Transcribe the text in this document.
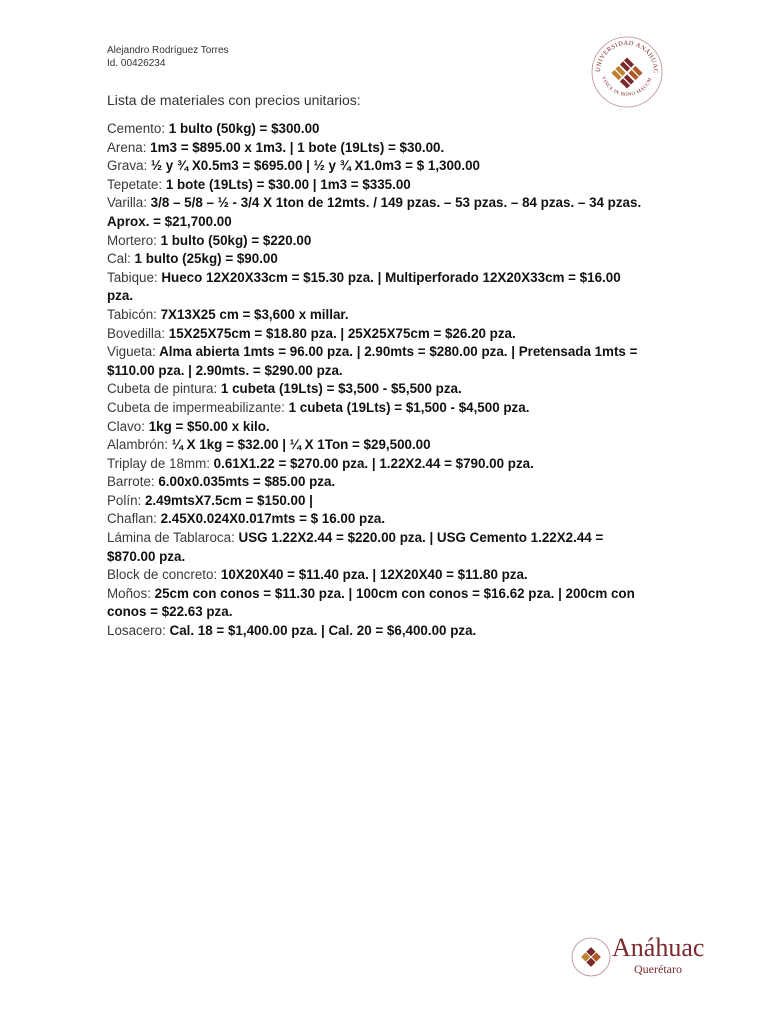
Alejandro Rodríguez Torres
Id. 00426234
UNIVERSIDAD ANÁHUAC
VINCE IN BONO MALUM
Lista de materiales con precios unitarios:

Cemento: 1 bulto (50kg) = $300.00

Arena: 1m3 = $895.00 x 1m3. | 1 bote (19Lts) = $30.00.

Grava: ½ y ¾ X0.5m3 = $695.00 | ½ y ¾ X1.0m3 = $ 1,300.00

Tepetate: 1 bote (19Lts) = $30.00 | 1m3 = $335.00

Varilla: 3/8 – 5/8 – ½ - 3/4 X 1ton de 12mts. / 149 pzas. – 53 pzas. – 84 pzas. – 34 pzas. Aprox. = $21,700.00

Mortero: 1 bulto (50kg) = $220.00

Cal: 1 bulto (25kg) = $90.00

Tabique: Hueco 12X20X33cm = $15.30 pza. | Multiperforado 12X20X33cm = $16.00 pza.

Tabicón: 7X13X25 cm = $3,600 x millar.

Bovedilla: 15X25X75cm = $18.80 pza. | 25X25X75cm = $26.20 pza.

Vigueta: Alma abierta 1mts = 96.00 pza. | 2.90mts = $280.00 pza. | Pretensada 1mts = $110.00 pza. | 2.90mts. = $290.00 pza.

Cubeta de pintura: 1 cubeta (19Lts) = $3,500 - $5,500 pza.

Cubeta de impermeabilizante: 1 cubeta (19Lts) = $1,500 - $4,500 pza.

Clavo: 1kg = $50.00 x kilo.

Alambrón: ¼ X 1kg = $32.00 | ¼ X 1Ton = $29,500.00

Triplay de 18mm: 0.61X1.22 = $270.00 pza. | 1.22X2.44 = $790.00 pza.

Barrote: 6.00x0.035mts = $85.00 pza.

Polín: 2.49mtsX7.5cm = $150.00 |

Chaflan: 2.45X0.024X0.017mts = $ 16.00 pza.

Lámina de Tablaroca: USG 1.22X2.44 = $220.00 pza. | USG Cemento 1.22X2.44 = $870.00 pza.

Block de concreto: 10X20X40 = $11.40 pza. | 12X20X40 = $11.80 pza.

Moños: 25cm con conos = $11.30 pza. | 100cm con conos = $16.62 pza. | 200cm con conos = $22.63 pza.

Losacero: Cal. 18 = $1,400.00 pza. | Cal. 20 = $6,400.00 pza.

Anáhuac
Querétaro
